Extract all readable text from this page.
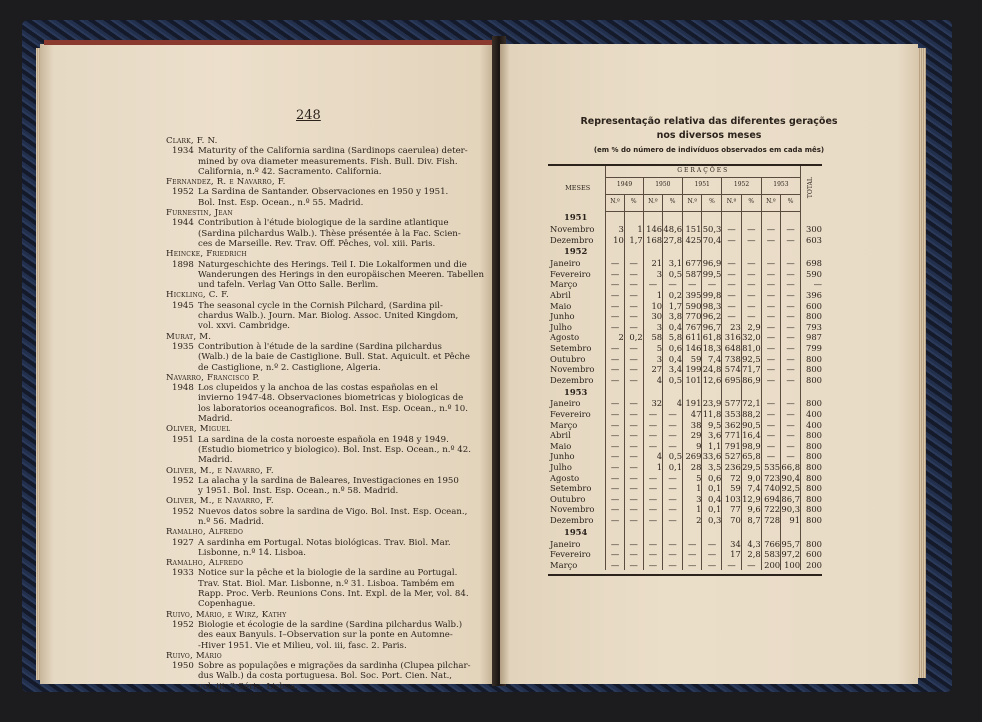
248
Clark, F. N.
1934 Maturity of the California sardina (Sardinops caerulea) deter-
mined by ova diameter measurements. Fish. Bull. Div. Fish.
California, n.º 42. Sacramento. California.
Fernandez, R. e Navarro, F.
1952 La Sardina de Santander. Observaciones en 1950 y 1951.
Bol. Inst. Esp. Ocean., n.º 55. Madrid.
Furnestin, Jean
1944 Contribution à l'étude biologique de la sardine atlantique
(Sardina pilchardus Walb.). Thèse présentée à la Fac. Scien-
ces de Marseille. Rev. Trav. Off. Pêches, vol. xiii. Paris.
Heincke, Friedrich
1898 Naturgeschichte des Herings. Teil I. Die Lokalformen und die
Wanderungen des Herings in den europäischen Meeren. Tabellen
und tafeln. Verlag Van Otto Salle. Berlim.
Hickling, C. F.
1945 The seasonal cycle in the Cornish Pilchard, (Sardina pil-
chardus Walb.). Journ. Mar. Biolog. Assoc. United Kingdom,
vol. xxvi. Cambridge.
Murat, M.
1935 Contribution à l'étude de la sardine (Sardina pilchardus
(Walb.) de la baie de Castiglione. Bull. Stat. Aquicult. et Pêche
de Castiglione, n.º 2. Castiglione, Algeria.
Navarro, Francisco P.
1948 Los clupeidos y la anchoa de las costas españolas en el
invierno 1947-48. Observaciones biometricas y biologicas de
los laboratorios oceanograficos. Bol. Inst. Esp. Ocean., n.º 10.
Madrid.
Oliver, Miguel
1951 La sardina de la costa noroeste española en 1948 y 1949.
(Estudio biometrico y biologico). Bol. Inst. Esp. Ocean., n.º 42.
Madrid.
Oliver, M., e Navarro, F.
1952 La alacha y la sardina de Baleares, Investigaciones en 1950
y 1951. Bol. Inst. Esp. Ocean., n.º 58. Madrid.
Oliver, M., e Navarro, F.
1952 Nuevos datos sobre la sardina de Vigo. Bol. Inst. Esp. Ocean.,
n.º 56. Madrid.
Ramalho, Alfredo
1927 A sardinha em Portugal. Notas biológicas. Trav. Biol. Mar.
Lisbonne, n.º 14. Lisboa.
Ramalho, Alfredo
1933 Notice sur la pêche et la biologie de la sardine au Portugal.
Trav. Stat. Biol. Mar. Lisbonne, n.º 31. Lisboa. Também em
Rapp. Proc. Verb. Reunions Cons. Int. Expl. de la Mer, vol. 84.
Copenhague.
Ruivo, Mário, e Wirz, Kathy
1952 Biologie et écologie de la sardine (Sardina pilchardus Walb.)
des eaux Banyuls. I–Observation sur la ponte en Automne-
-Hiver 1951. Vie et Milieu, vol. iii, fasc. 2. Paris.
Ruivo, Mário
1950 Sobre as populações e migrações da sardinha (Clupea pilchar-
dus Walb.) da costa portuguesa. Bol. Soc. Port. Cien. Nat.,
vol. iii, 2 Série. Lisboa.
Representação relativa das diferentes gerações
nos diversos meses
(em % do número de indivíduos observados em cada mês)
MESES	GERAÇÕES										TOTAL
	1949		1950		1951		1952		1953		
	N.º	%	N.º	%	N.º	%	N.º	%	N.º	%	
1951											
Novembro	3	1	146	48,6	151	50,3	—	—	—	—	300
Dezembro	10	1,7	168	27,8	425	70,4	—	—	—	—	603
1952											
Janeiro	—	—	21	3,1	677	96,9	—	—	—	—	698
Fevereiro	—	—	3	0,5	587	99,5	—	—	—	—	590
Março	—	—	—	—	—	—	—	—	—	—	—
Abril	—	—	1	0,2	395	99,8	—	—	—	—	396
Maio	—	—	10	1,7	590	98,3	—	—	—	—	600
Junho	—	—	30	3,8	770	96,2	—	—	—	—	800
Julho	—	—	3	0,4	767	96,7	23	2,9	—	—	793
Agosto	2	0,2	58	5,8	611	61,8	316	32,0	—	—	987
Setembro	—	—	5	0,6	146	18,3	648	81,0	—	—	799
Outubro	—	—	3	0,4	59	7,4	738	92,5	—	—	800
Novembro	—	—	27	3,4	199	24,8	574	71,7	—	—	800
Dezembro	—	—	4	0,5	101	12,6	695	86,9	—	—	800
1953											
Janeiro	—	—	32	4	191	23,9	577	72,1	—	—	800
Fevereiro	—	—	—	—	47	11,8	353	88,2	—	—	400
Março	—	—	—	—	38	9,5	362	90,5	—	—	400
Abril	—	—	—	—	29	3,6	771	16,4	—	—	800
Maio	—	—	—	—	9	1,1	791	98,9	—	—	800
Junho	—	—	4	0,5	269	33,6	527	65,8	—	—	800
Julho	—	—	1	0,1	28	3,5	236	29,5	535	66,8	800
Agosto	—	—	—	—	5	0,6	72	9,0	723	90,4	800
Setembro	—	—	—	—	1	0,1	59	7,4	740	92,5	800
Outubro	—	—	—	—	3	0,4	103	12,9	694	86,7	800
Novembro	—	—	—	—	1	0,1	77	9,6	722	90,3	800
Dezembro	—	—	—	—	2	0,3	70	8,7	728	91	800
1954											
Janeiro	—	—	—	—	—	—	34	4,3	766	95,7	800
Fevereiro	—	—	—	—	—	—	17	2,8	583	97,2	600
Março	—	—	—	—	—	—	—	—	200	100	200
